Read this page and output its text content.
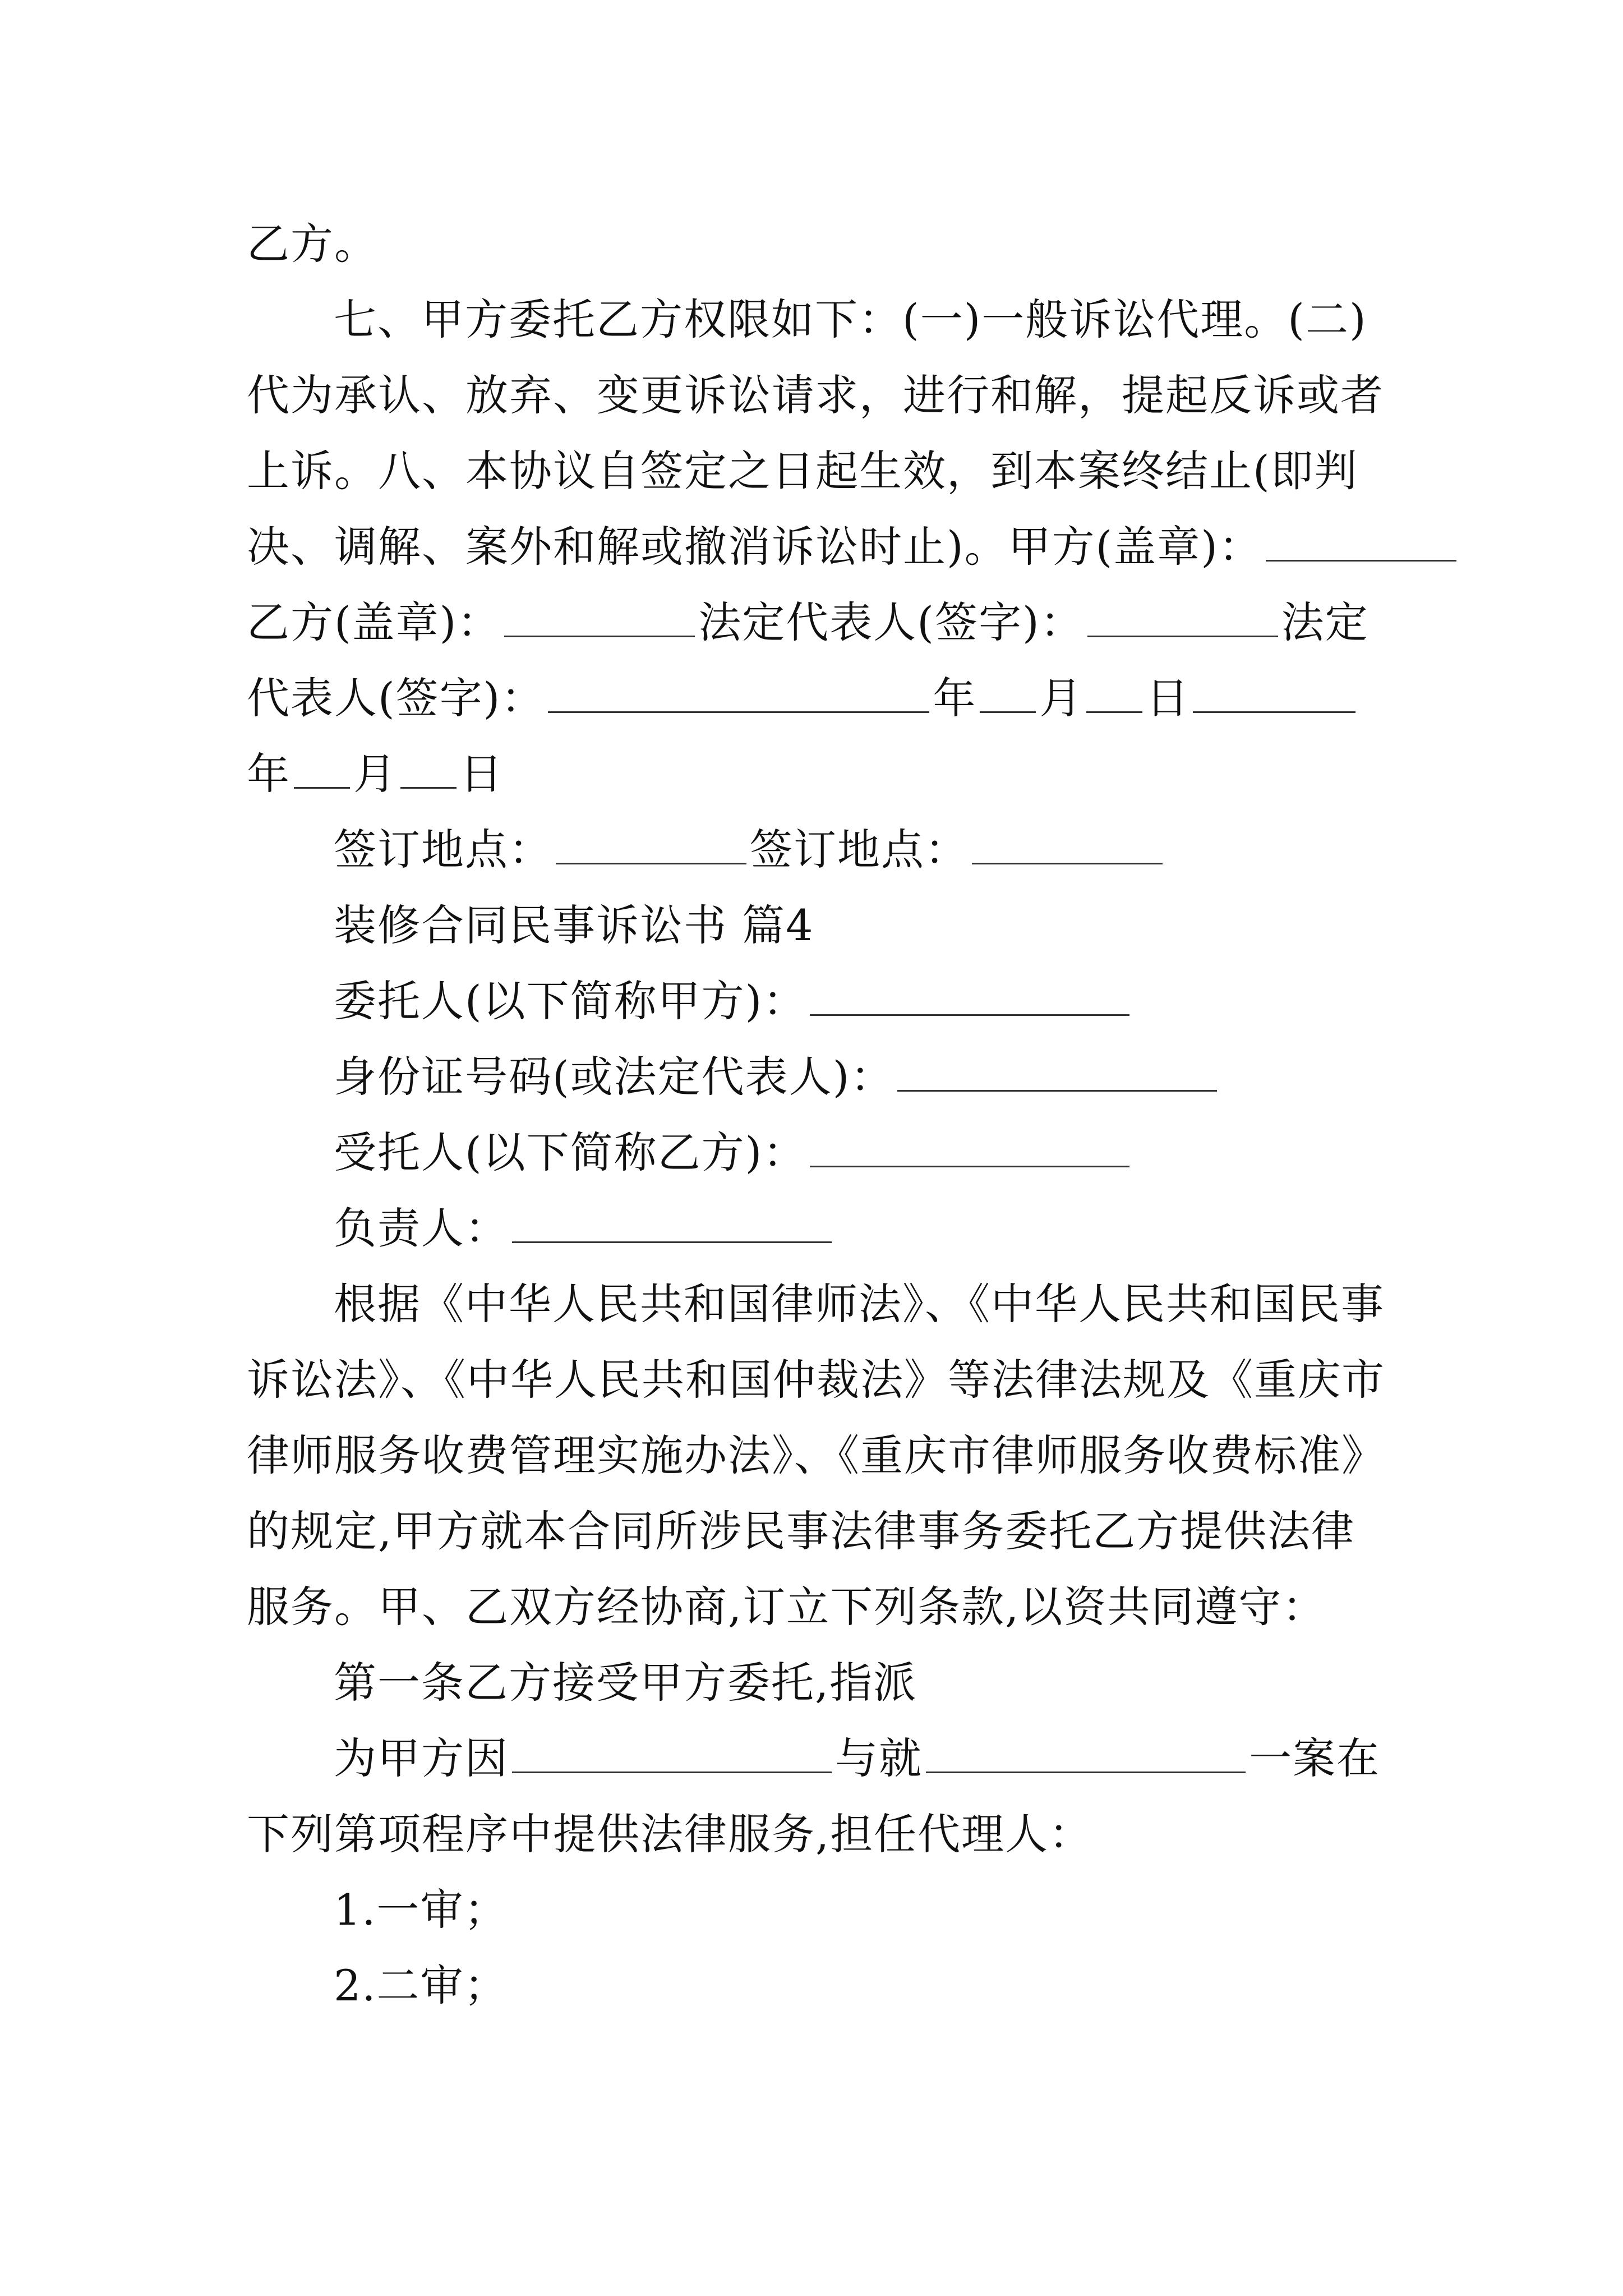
乙方。
七、甲方委托乙方权限如下：(一)一般诉讼代理。(二)
代为承认、放弃、变更诉讼请求，进行和解，提起反诉或者
上诉。八、本协议自签定之日起生效，到本案终结止(即判
决、调解、案外和解或撤消诉讼时止)。甲方(盖章)：
乙方(盖章)：	法定代表人(签字)：	法定
代表人(签字)：	年 月 日
年 月 日
签订地点：	签订地点：
装修合同民事诉讼书 篇4
委托人(以下简称甲方)：
身份证号码(或法定代表人)：
受托人(以下简称乙方)：
负责人：
根据《中华人民共和国律师法》、《中华人民共和国民事
诉讼法》、《中华人民共和国仲裁法》等法律法规及《重庆市
律师服务收费管理实施办法》、《重庆市律师服务收费标准》
的规定,甲方就本合同所涉民事法律事务委托乙方提供法律
服务。甲、乙双方经协商,订立下列条款,以资共同遵守：
第一条乙方接受甲方委托,指派
为甲方因	与就	一案在
下列第项程序中提供法律服务,担任代理人：
1.一审；
2.二审；
